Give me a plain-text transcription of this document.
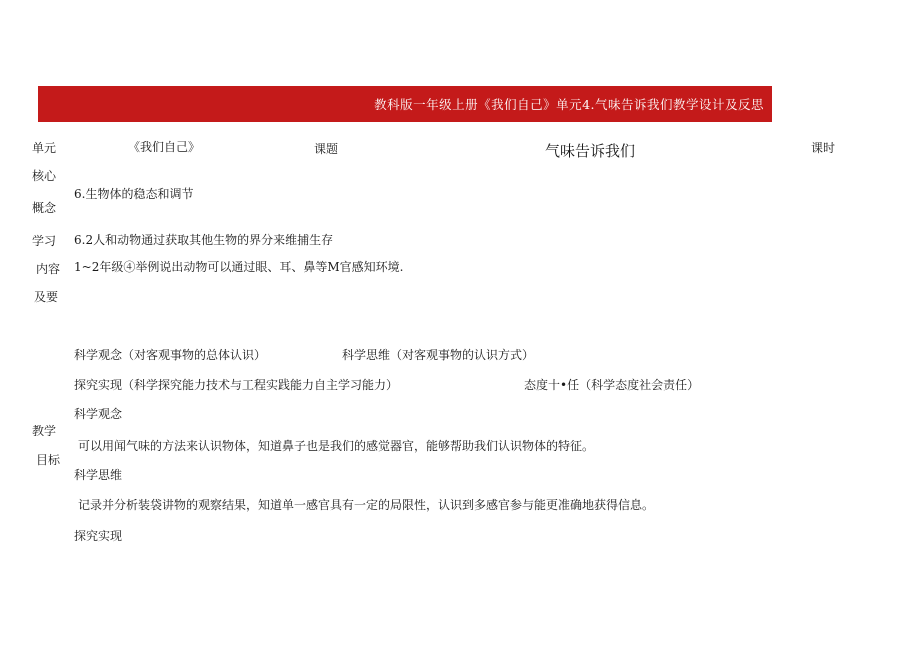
教科版一年级上册《我们自己》单元4.气味告诉我们教学设计及反思
单元	《我们自己》	课题	气味告诉我们	课时
核心
概念
6.生物体的稳态和调节
学习
内容
及要
6.2人和动物通过获取其他生物的界分来维捕生存
1~2年级④举例说出动物可以通过眼、耳、鼻等M官感知环境.
科学观念（对客观事物的总体认识）	科学思维（对客观事物的认识方式）
探究实现（科学探究能力技术与工程实践能力自主学习能力）	态度十•任（科学态度社会责任）
科学观念
教学
可以用闻气味的方法来认识物体，知道鼻子也是我们的感觉器官，能够帮助我们认识物体的特征。
目标
科学思维
记录并分析装袋讲物的观察结果，知道单一感官具有一定的局限性，认识到多感官参与能更准确地获得信息。
探究实现
